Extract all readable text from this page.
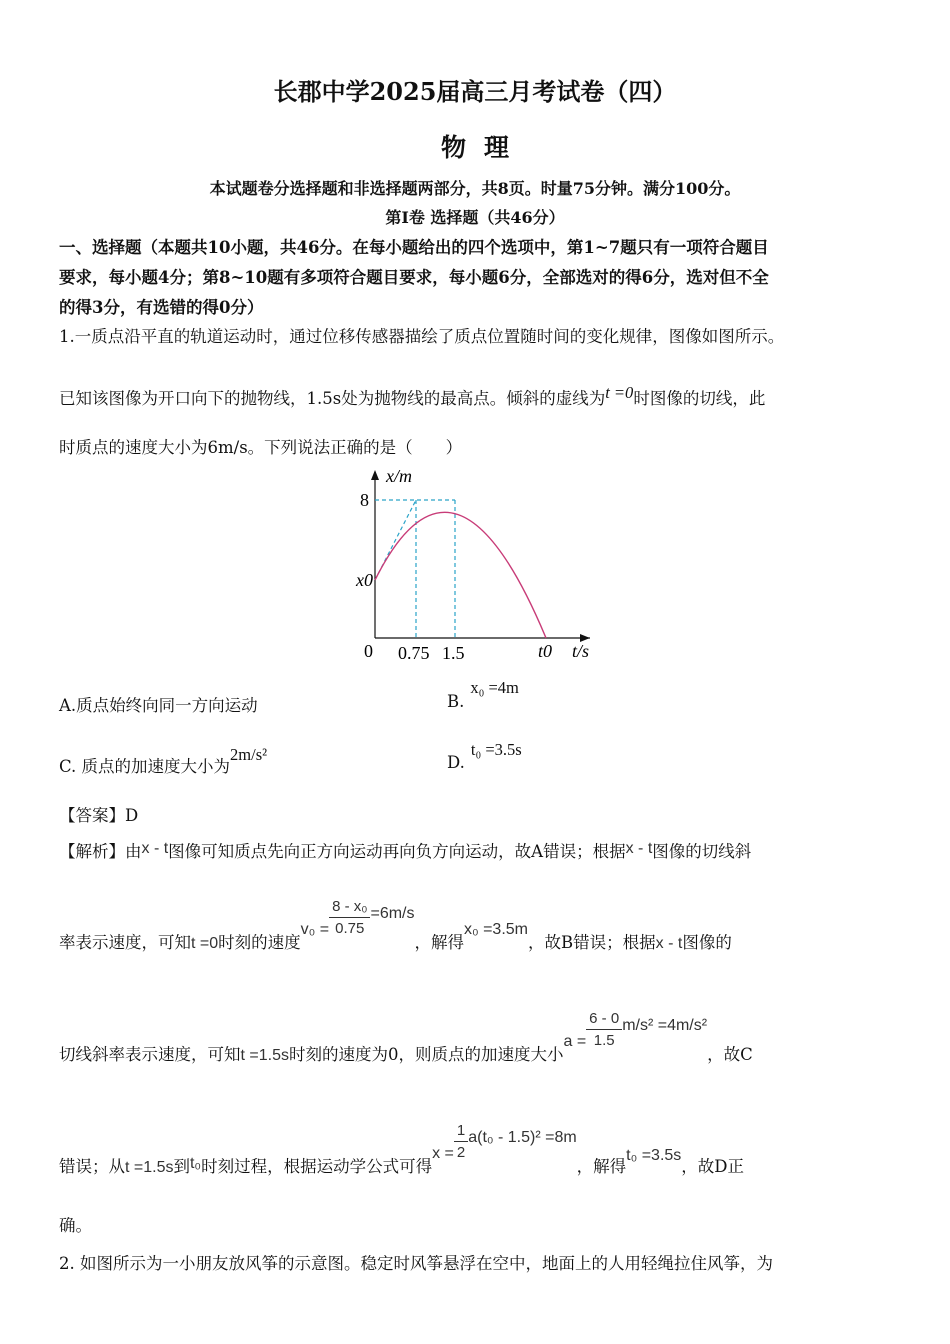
长郡中学2025届高三月考试卷（四）
物理
本试题卷分选择题和非选择题两部分，共8页。时量75分钟。满分100分。
第Ⅰ卷 选择题（共46分）
一、选择题（本题共10小题，共46分。在每小题给出的四个选项中，第1~7题只有一项符合题目
要求，每小题4分；第8~10题有多项符合题目要求，每小题6分，全部选对的得6分，选对但不全
的得3分，有选错的得0分）
1.一质点沿平直的轨道运动时，通过位移传感器描绘了质点位置随时间的变化规律，图像如图所示。
已知该图像为开口向下的抛物线，1.5s处为抛物线的最高点。倾斜的虚线为t =0时图像的切线，此
时质点的速度大小为6m/s。下列说法正确的是（　　）
x/m
8
x0
0 0.75 1.5	t0 t/s
A.质点始终向同一方向运动	B.x₀ =4m
C. 质点的加速度大小为2m/s²	D.t₀ =3.5s
【答案】D
【解析】由x - t图像可知质点先向正方向运动再向负方向运动，故A错误；根据x - t图像的切线斜
率表示速度，可知t =0时刻的速度$v_0 = \frac{\text{8 - x₀}}{0.75} =6m/s$，解得x₀ =3.5m，故B错误；根据x - t图像的
切线斜率表示速度，可知t =1.5s时刻的速度为0，则质点的加速度大小$a = \frac{6 - 0}{1.5} m/s^2 =4m/s^2$，故C
错误；从t =1.5s到t₀时刻过程，根据运动学公式可得$x = \frac{1}{2} a(t_0 - 1.5)^2 =8m$，解得t₀ =3.5s，故D正
确。
2. 如图所示为一小朋友放风筝的示意图。稳定时风筝悬浮在空中，地面上的人用轻绳拉住风筝，为
